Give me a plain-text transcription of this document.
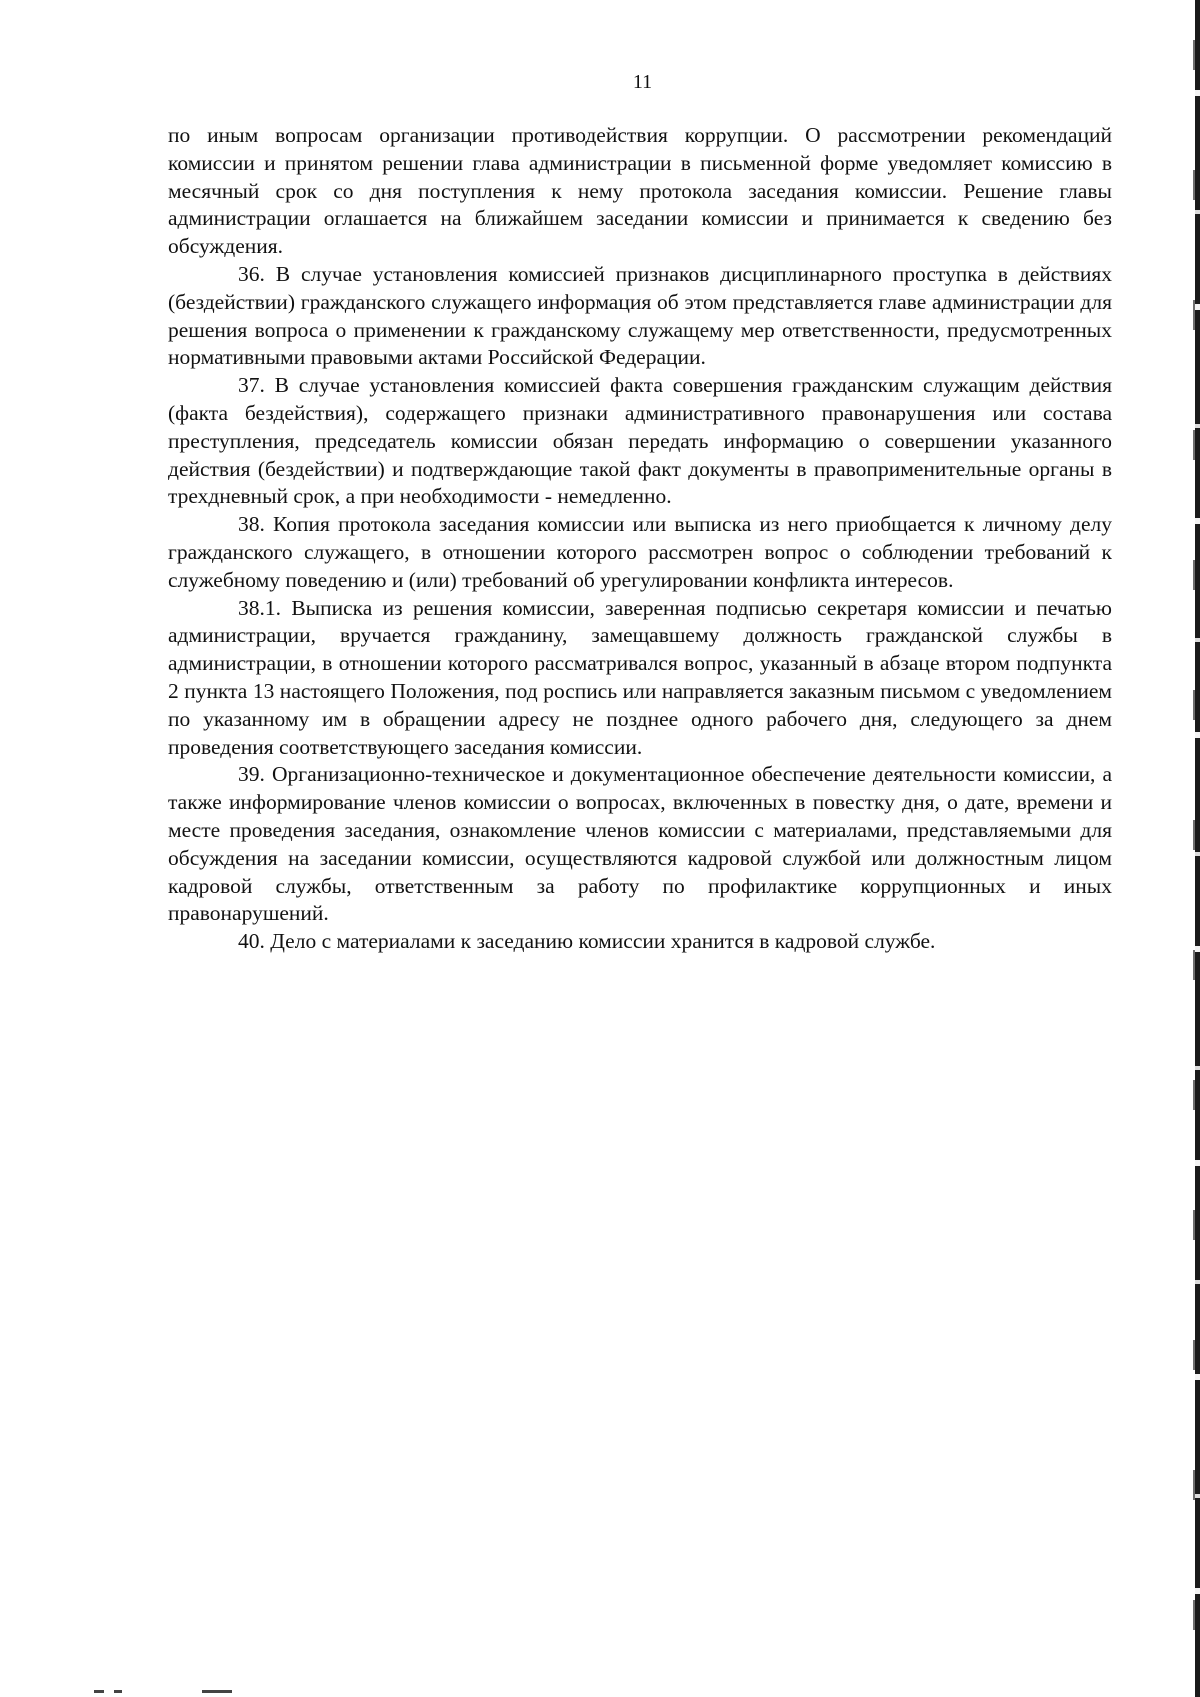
11

по иным вопросам организации противодействия коррупции. О рассмотрении рекомендаций комиссии и принятом решении глава администрации в письменной форме уведомляет комиссию в месячный срок со дня поступления к нему протокола заседания комиссии. Решение главы администрации оглашается на ближайшем заседании комиссии и принимается к сведению без обсуждения.

36. В случае установления комиссией признаков дисциплинарного проступка в действиях (бездействии) гражданского служащего информация об этом представляется главе администрации для решения вопроса о применении к гражданскому служащему мер ответственности, предусмотренных нормативными правовыми актами Российской Федерации.

37. В случае установления комиссией факта совершения гражданским служащим действия (факта бездействия), содержащего признаки административного правонарушения или состава преступления, председатель комиссии обязан передать информацию о совершении указанного действия (бездействии) и подтверждающие такой факт документы в правоприменительные органы в трехдневный срок, а при необходимости - немедленно.

38. Копия протокола заседания комиссии или выписка из него приобщается к личному делу гражданского служащего, в отношении которого рассмотрен вопрос о соблюдении требований к служебному поведению и (или) требований об урегулировании конфликта интересов.

38.1. Выписка из решения комиссии, заверенная подписью секретаря комиссии и печатью администрации, вручается гражданину, замещавшему должность гражданской службы в администрации, в отношении которого рассматривался вопрос, указанный в абзаце втором подпункта 2 пункта 13 настоящего Положения, под роспись или направляется заказным письмом с уведомлением по указанному им в обращении адресу не позднее одного рабочего дня, следующего за днем проведения соответствующего заседания комиссии.

39. Организационно-техническое и документационное обеспечение деятельности комиссии, а также информирование членов комиссии о вопросах, включенных в повестку дня, о дате, времени и месте проведения заседания, ознакомление членов комиссии с материалами, представляемыми для обсуждения на заседании комиссии, осуществляются кадровой службой или должностным лицом кадровой службы, ответственным за работу по профилактике коррупционных и иных правонарушений.

40. Дело с материалами к заседанию комиссии хранится в кадровой службе.
